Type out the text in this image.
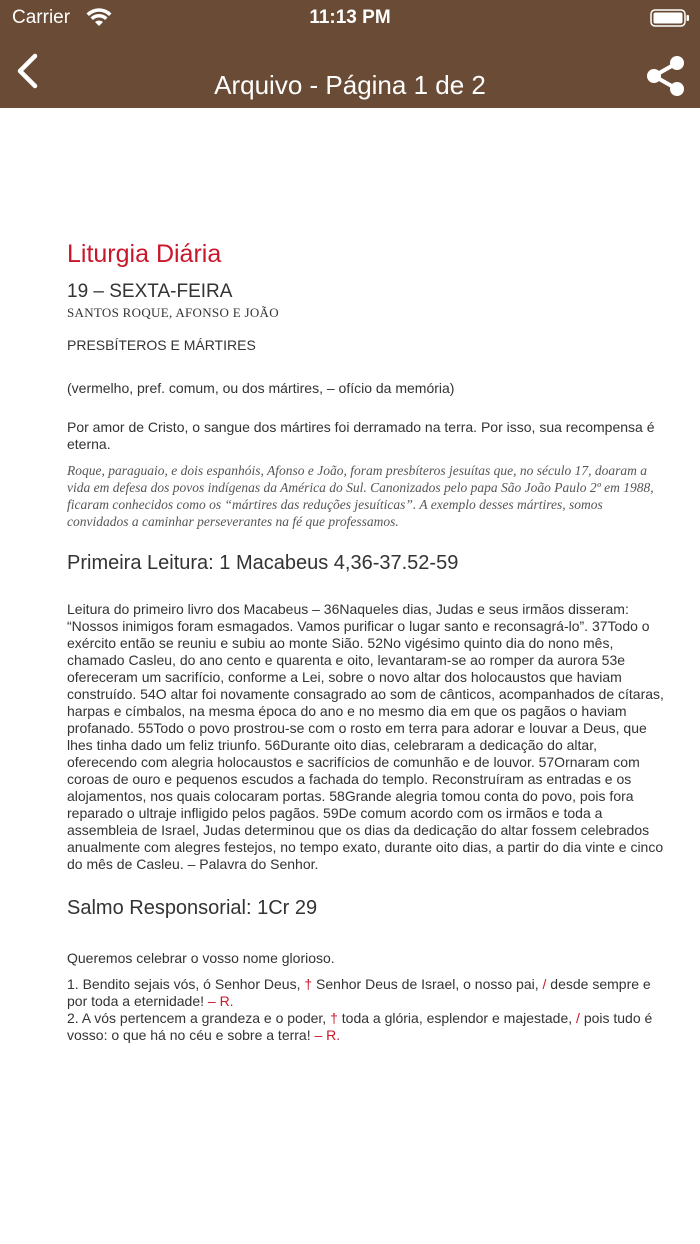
Carrier	11:13 PM
Arquivo - Página 1 de 2
Liturgia Diária

19 – SEXTA-FEIRA

SANTOS ROQUE, AFONSO E JOÃO

PRESBÍTEROS E MÁRTIRES

(vermelho, pref. comum, ou dos mártires, – ofício da memória)

Por amor de Cristo, o sangue dos mártires foi derramado na terra. Por isso, sua recompensa é eterna.

Roque, paraguaio, e dois espanhóis, Afonso e João, foram presbíteros jesuítas que, no século 17, doaram a vida em defesa dos povos indígenas da América do Sul. Canonizados pelo papa São João Paulo 2º em 1988, ficaram conhecidos como os “mártires das reduções jesuíticas”. A exemplo desses mártires, somos convidados a caminhar perseverantes na fé que professamos.

Primeira Leitura: 1 Macabeus 4,36-37.52-59

Leitura do primeiro livro dos Macabeus – 36Naqueles dias, Judas e seus irmãos disseram: “Nossos inimigos foram esmagados. Vamos purificar o lugar santo e reconsagrá-lo”. 37Todo o exército então se reuniu e subiu ao monte Sião. 52No vigésimo quinto dia do nono mês, chamado Casleu, do ano cento e quarenta e oito, levantaram-se ao romper da aurora 53e ofereceram um sacrifício, conforme a Lei, sobre o novo altar dos holocaustos que haviam construído. 54O altar foi novamente consagrado ao som de cânticos, acompanhados de cítaras, harpas e címbalos, na mesma época do ano e no mesmo dia em que os pagãos o haviam profanado. 55Todo o povo prostrou-se com o rosto em terra para adorar e louvar a Deus, que lhes tinha dado um feliz triunfo. 56Durante oito dias, celebraram a dedicação do altar, oferecendo com alegria holocaustos e sacrifícios de comunhão e de louvor. 57Ornaram com coroas de ouro e pequenos escudos a fachada do templo. Reconstruíram as entradas e os alojamentos, nos quais colocaram portas. 58Grande alegria tomou conta do povo, pois fora reparado o ultraje infligido pelos pagãos. 59De comum acordo com os irmãos e toda a assembleia de Israel, Judas determinou que os dias da dedicação do altar fossem celebrados anualmente com alegres festejos, no tempo exato, durante oito dias, a partir do dia vinte e cinco do mês de Casleu. – Palavra do Senhor.

Salmo Responsorial: 1Cr 29

Queremos celebrar o vosso nome glorioso.

1. Bendito sejais vós, ó Senhor Deus, † Senhor Deus de Israel, o nosso pai, / desde sempre e por toda a eternidade! – R.

2. A vós pertencem a grandeza e o poder, † toda a glória, esplendor e majestade, / pois tudo é vosso: o que há no céu e sobre a terra! – R.
